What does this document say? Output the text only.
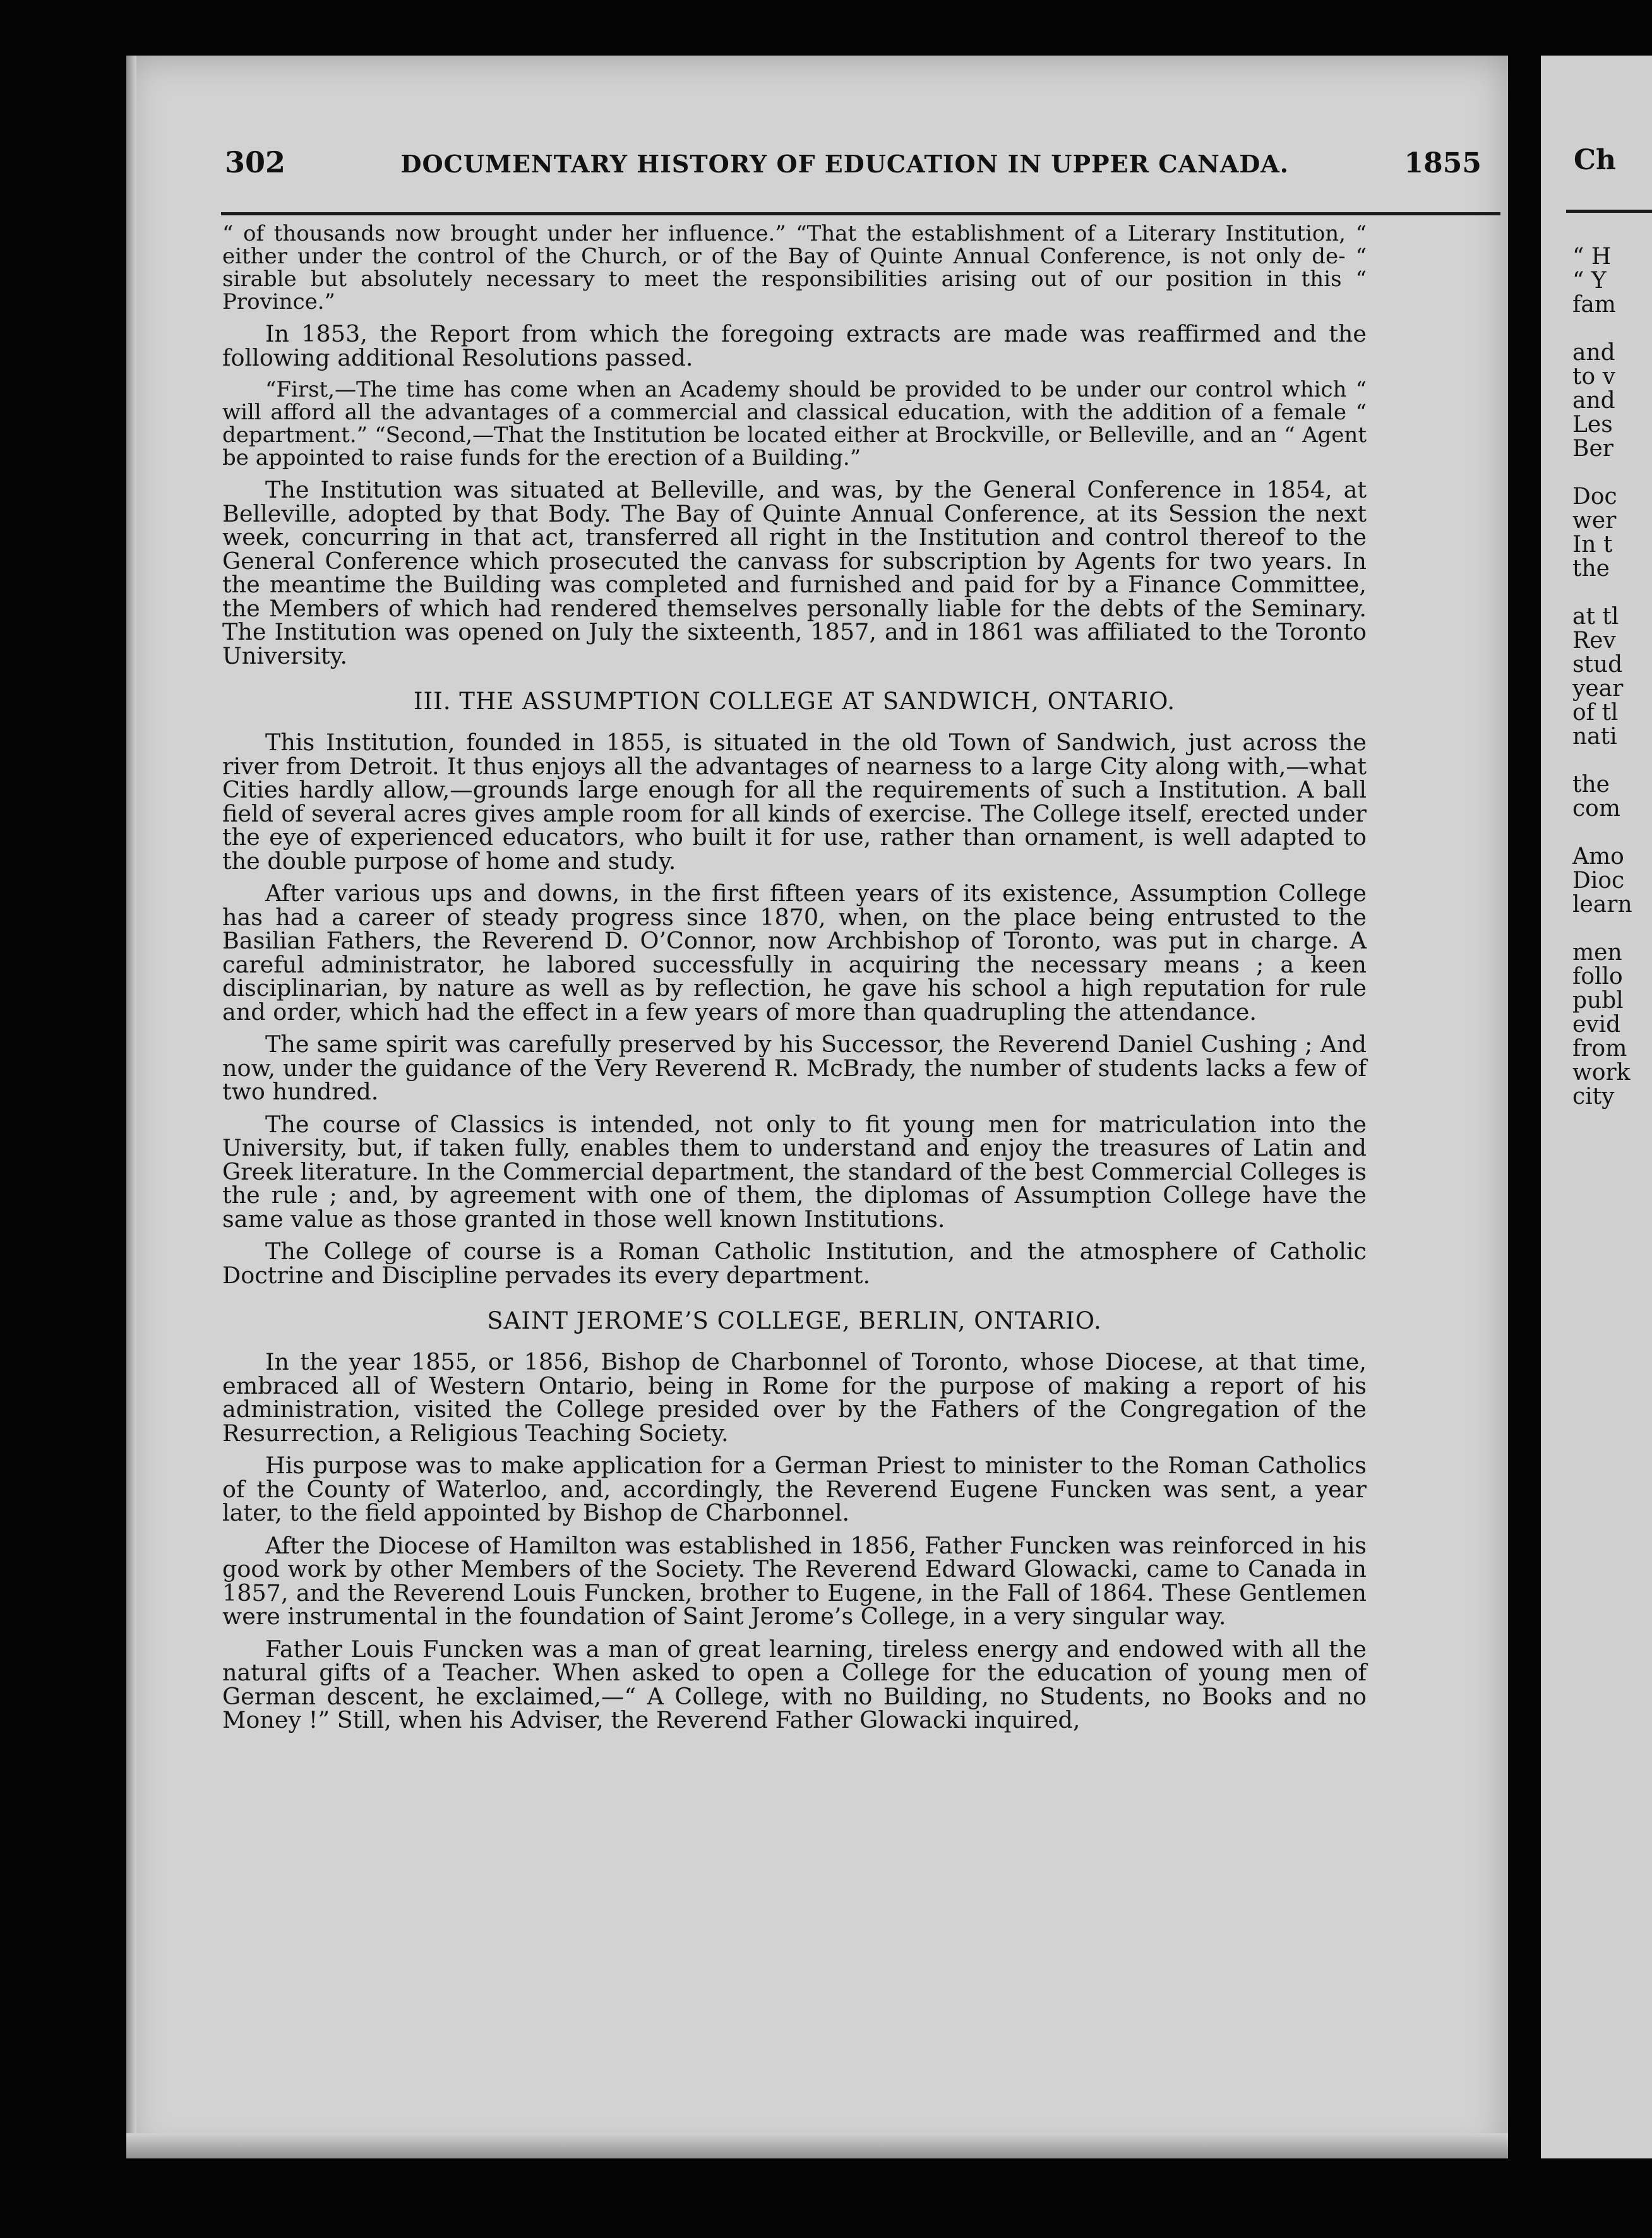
302	DOCUMENTARY HISTORY OF EDUCATION IN UPPER CANADA.	1855

“ of thousands now brought under her influence.” “That the establishment of a Literary Institution, “ either under the control of the Church, or of the Bay of Quinte Annual Conference, is not only de- “ sirable but absolutely necessary to meet the responsibilities arising out of our position in this “ Province.”

In 1853, the Report from which the foregoing extracts are made was reaffirmed and the following additional Resolutions passed.

“First,—The time has come when an Academy should be provided to be under our control which “ will afford all the advantages of a commercial and classical education, with the addition of a female “ department.” “Second,—That the Institution be located either at Brockville, or Belleville, and an “ Agent be appointed to raise funds for the erection of a Building.”

The Institution was situated at Belleville, and was, by the General Conference in 1854, at Belleville, adopted by that Body. The Bay of Quinte Annual Conference, at its Session the next week, concurring in that act, transferred all right in the Institution and control thereof to the General Conference which prosecuted the canvass for subscription by Agents for two years. In the meantime the Building was completed and furnished and paid for by a Finance Committee, the Members of which had rendered themselves personally liable for the debts of the Seminary. The Institution was opened on July the sixteenth, 1857, and in 1861 was affiliated to the Toronto University.

III. THE ASSUMPTION COLLEGE AT SANDWICH, ONTARIO.

This Institution, founded in 1855, is situated in the old Town of Sandwich, just across the river from Detroit. It thus enjoys all the advantages of nearness to a large City along with,—what Cities hardly allow,—grounds large enough for all the requirements of such a Institution. A ball field of several acres gives ample room for all kinds of exercise. The College itself, erected under the eye of experienced educators, who built it for use, rather than ornament, is well adapted to the double purpose of home and study.

After various ups and downs, in the first fifteen years of its existence, Assumption College has had a career of steady progress since 1870, when, on the place being entrusted to the Basilian Fathers, the Reverend D. O’Connor, now Archbishop of Toronto, was put in charge. A careful administrator, he labored successfully in acquiring the necessary means ; a keen disciplinarian, by nature as well as by reflection, he gave his school a high reputation for rule and order, which had the effect in a few years of more than quadrupling the attendance.

The same spirit was carefully preserved by his Successor, the Reverend Daniel Cushing ; And now, under the guidance of the Very Reverend R. McBrady, the number of students lacks a few of two hundred.

The course of Classics is intended, not only to fit young men for matriculation into the University, but, if taken fully, enables them to understand and enjoy the treasures of Latin and Greek literature. In the Commercial department, the standard of the best Commercial Colleges is the rule ; and, by agreement with one of them, the diplomas of Assumption College have the same value as those granted in those well known Institutions.

The College of course is a Roman Catholic Institution, and the atmosphere of Catholic Doctrine and Discipline pervades its every department.

SAINT JEROME’S COLLEGE, BERLIN, ONTARIO.

In the year 1855, or 1856, Bishop de Charbonnel of Toronto, whose Diocese, at that time, embraced all of Western Ontario, being in Rome for the purpose of making a report of his administration, visited the College presided over by the Fathers of the Congregation of the Resurrection, a Religious Teaching Society.

His purpose was to make application for a German Priest to minister to the Roman Catholics of the County of Waterloo, and, accordingly, the Reverend Eugene Funcken was sent, a year later, to the field appointed by Bishop de Charbonnel.

After the Diocese of Hamilton was established in 1856, Father Funcken was reinforced in his good work by other Members of the Society. The Reverend Edward Glowacki, came to Canada in 1857, and the Reverend Louis Funcken, brother to Eugene, in the Fall of 1864. These Gentlemen were instrumental in the foundation of Saint Jerome’s College, in a very singular way.

Father Louis Funcken was a man of great learning, tireless energy and endowed with all the natural gifts of a Teacher. When asked to open a College for the education of young men of German descent, he exclaimed,—“ A College, with no Building, no Students, no Books and no Money !” Still, when his Adviser, the Reverend Father Glowacki inquired,

Ch
“ H
“ Y
fam
and
to v
and
Les
Ber
Doc
wer
In t
the
at tl
Rev
stud
year
of tl
nati
the
com
Amo
Dioc
learn
men
follo
publ
evid
from
work
city
